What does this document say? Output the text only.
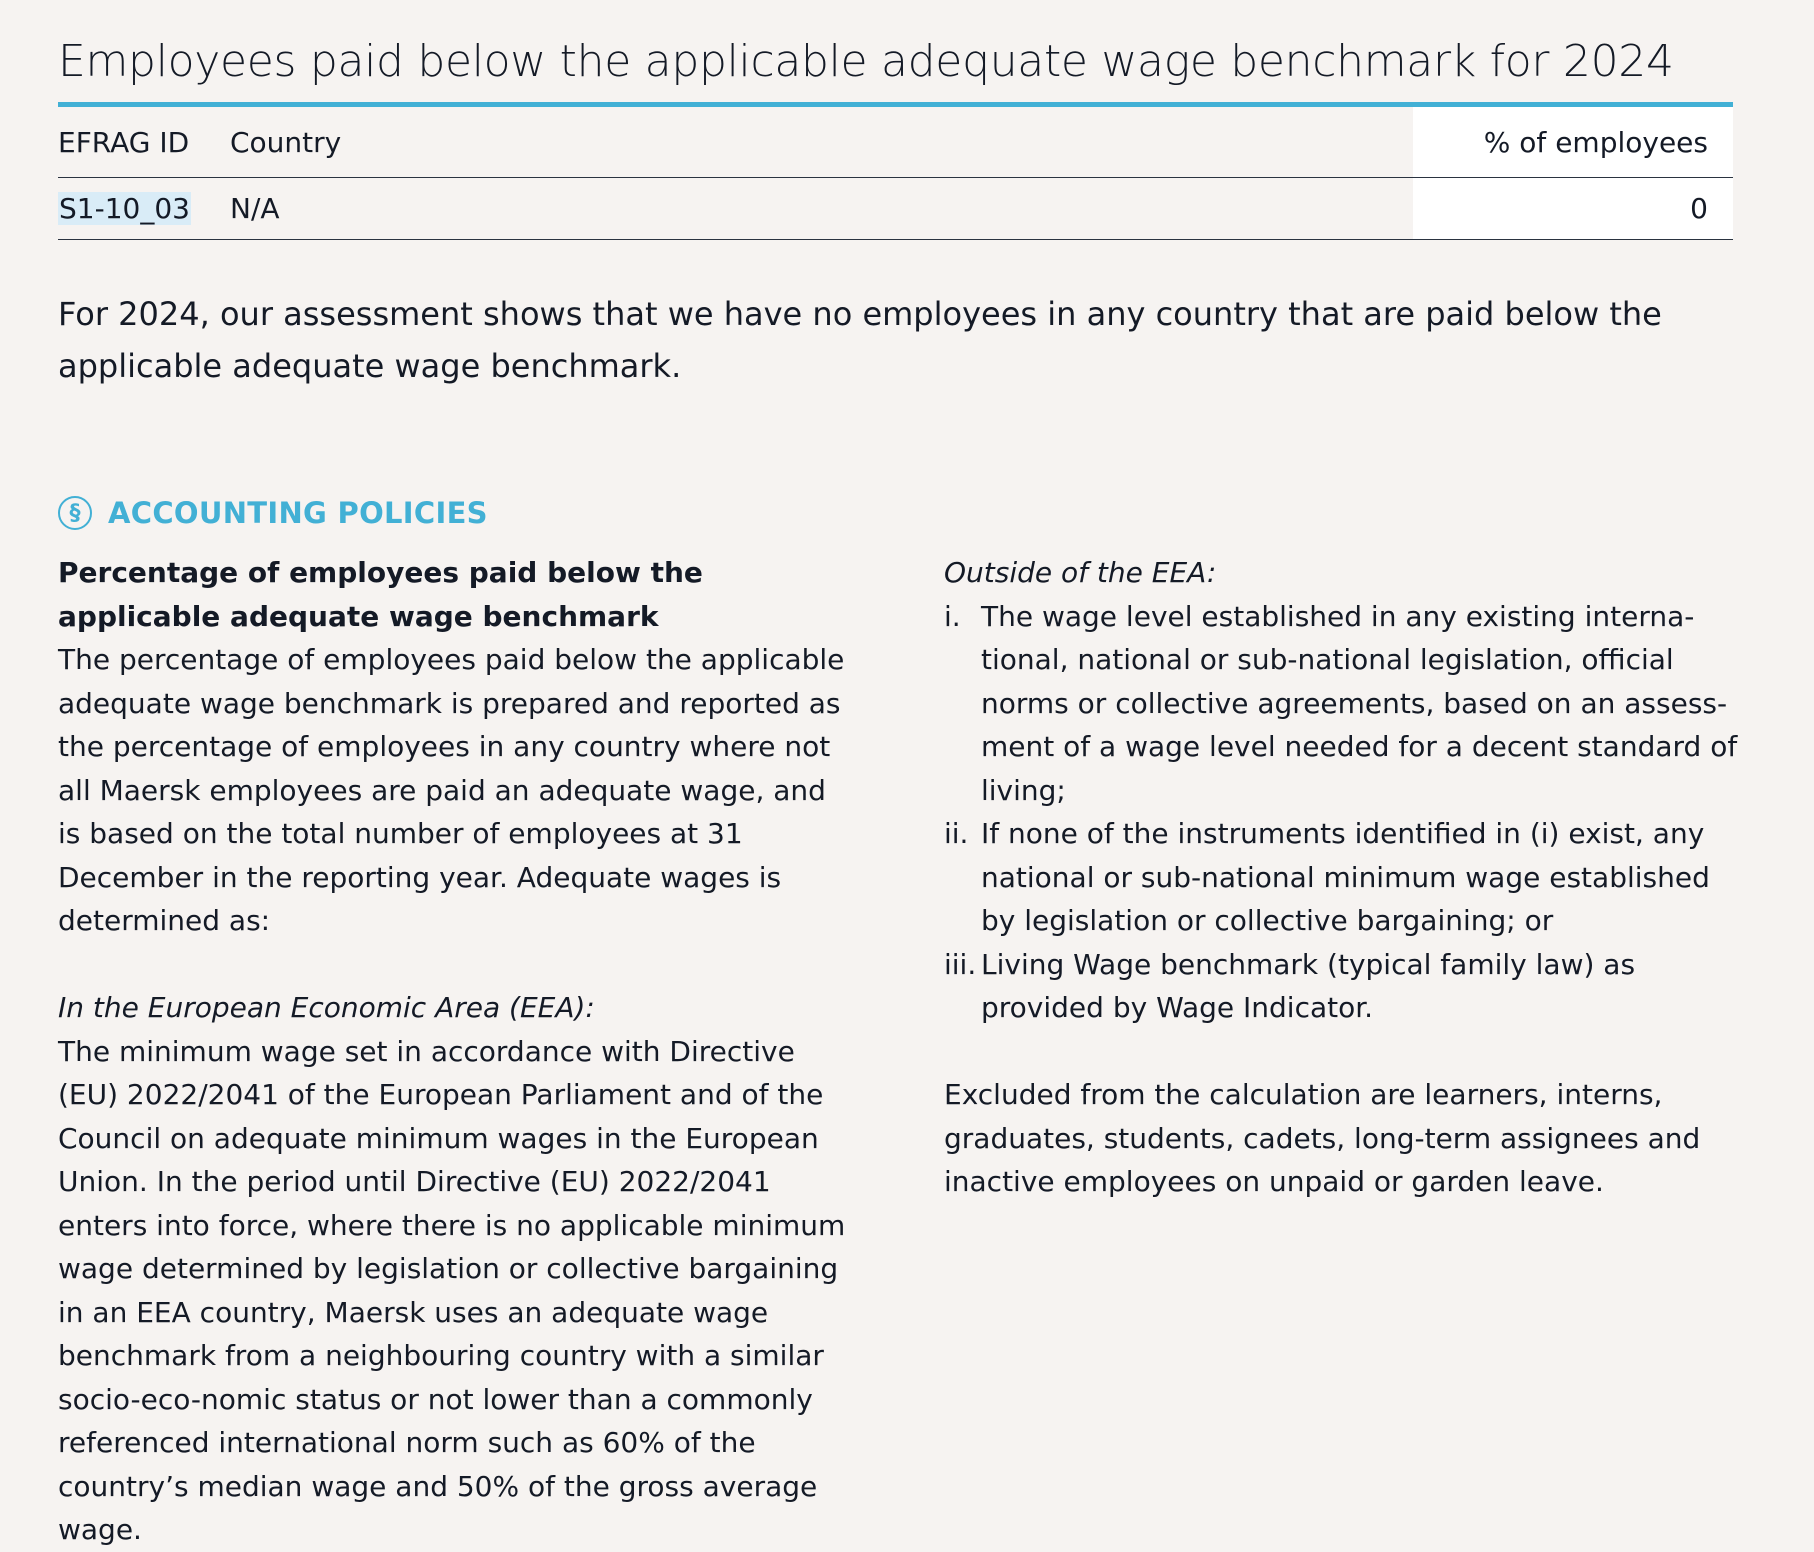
Employees paid below the applicable adequate wage benchmark for 2024
EFRAG ID	Country	% of employees
S1-10_03	N/A	0

For 2024, our assessment shows that we have no employees in any country that are paid below the applicable adequate wage benchmark.

§ ACCOUNTING POLICIES

Percentage of employees paid below the applicable adequate wage benchmark

The percentage of employees paid below the applicable adequate wage benchmark is prepared and reported as the percentage of employees in any country where not all Maersk employees are paid an adequate wage, and is based on the total number of employees at 31 December in the reporting year. Adequate wages is determined as:

In the European Economic Area (EEA):

The minimum wage set in accordance with Directive (EU) 2022/2041 of the European Parliament and of the Council on adequate minimum wages in the European Union. In the period until Directive (EU) 2022/2041 enters into force, where there is no applicable minimum wage determined by legislation or collective bargaining in an EEA country, Maersk uses an adequate wage benchmark from a neighbouring country with a similar socio-eco-nomic status or not lower than a commonly referenced international norm such as 60% of the country’s median wage and 50% of the gross average wage.

Outside of the EEA:

i. The wage level established in any existing interna-tional, national or sub-national legislation, official norms or collective agreements, based on an assess-ment of a wage level needed for a decent standard of living;
ii. If none of the instruments identified in (i) exist, any national or sub-national minimum wage established by legislation or collective bargaining; or
iii. Living Wage benchmark (typical family law) as provided by Wage Indicator.

Excluded from the calculation are learners, interns, graduates, students, cadets, long-term assignees and inactive employees on unpaid or garden leave.
